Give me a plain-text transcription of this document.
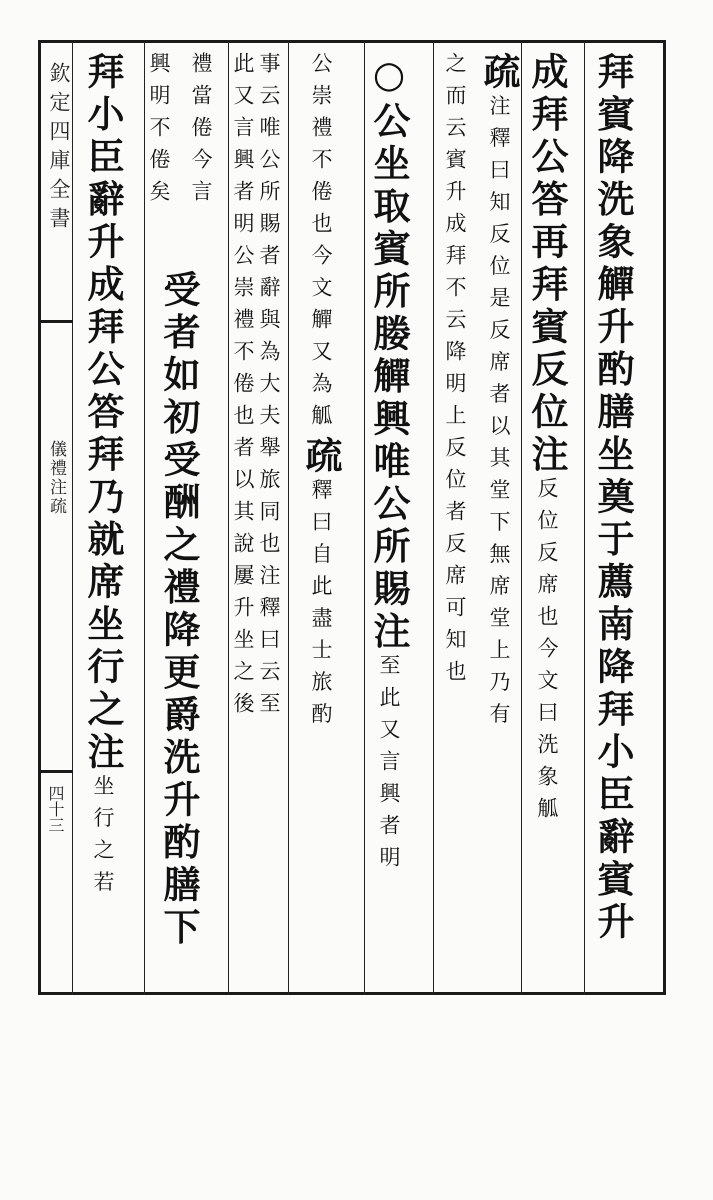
欽定四庫全書
儀禮注疏
四十三	拜賓降洗象觶升酌膳坐奠于薦南降拜小臣辭賓升
成拜公答再拜賓反位注反位反席也今文曰洗象觚
疏注釋曰知反位是反席者以其堂下無席堂上乃有
之而云賓升成拜不云降明上反位者反席可知也
○公坐取賓所媵觶興唯公所賜注至此又言興者明
公崇禮不倦也今文觶又為觚疏釋曰自此盡士旅酌
事云唯公所賜者辭與為大夫舉旅同也注釋曰云至
此又言興者明公崇禮不倦也者以其說屢升坐之後
受者如初受酬之禮降更爵洗升酌膳下
禮當倦今言
興明不倦矣
拜小臣辭升成拜公答拜乃就席坐行之注坐行之若
